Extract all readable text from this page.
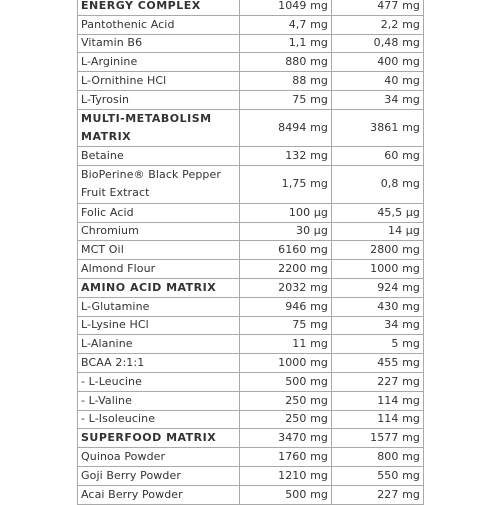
ENERGY COMPLEX	1049 mg	477 mg
Pantothenic Acid	4,7 mg	2,2 mg
Vitamin B6	1,1 mg	0,48 mg
L-Arginine	880 mg	400 mg
L-Ornithine HCl	88 mg	40 mg
L-Tyrosin	75 mg	34 mg
MULTI-METABOLISM MATRIX	8494 mg	3861 mg
Betaine	132 mg	60 mg
BioPerine® Black Pepper Fruit Extract	1,75 mg	0,8 mg
Folic Acid	100 µg	45,5 µg
Chromium	30 µg	14 µg
MCT Oil	6160 mg	2800 mg
Almond Flour	2200 mg	1000 mg
AMINO ACID MATRIX	2032 mg	924 mg
L-Glutamine	946 mg	430 mg
L-Lysine HCl	75 mg	34 mg
L-Alanine	11 mg	5 mg
BCAA 2:1:1	1000 mg	455 mg
- L-Leucine	500 mg	227 mg
- L-Valine	250 mg	114 mg
- L-Isoleucine	250 mg	114 mg
SUPERFOOD MATRIX	3470 mg	1577 mg
Quinoa Powder	1760 mg	800 mg
Goji Berry Powder	1210 mg	550 mg
Acai Berry Powder	500 mg	227 mg
